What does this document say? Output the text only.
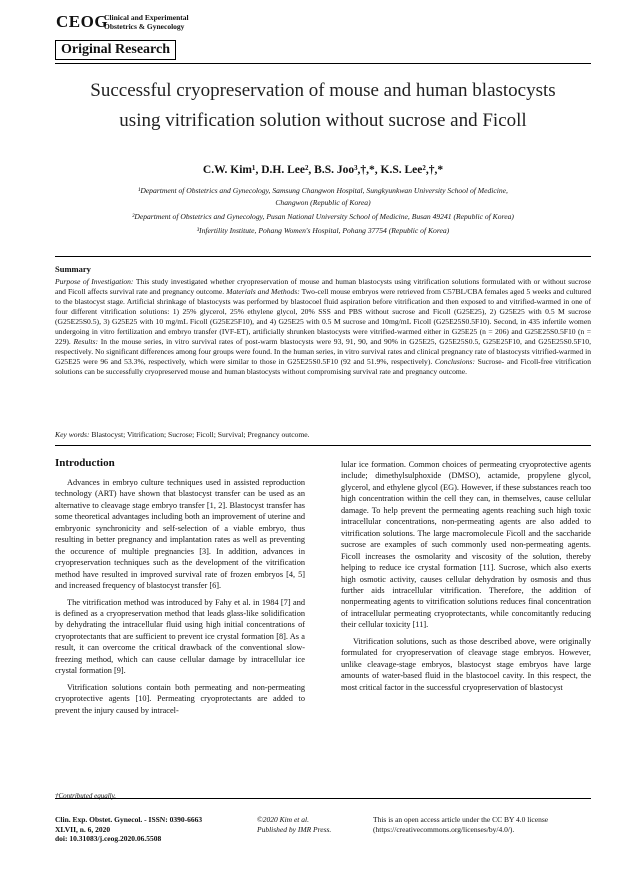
CEOG
Clinical and Experimental
Obstetrics & Gynecology
Original Research
Successful cryopreservation of mouse and human blastocysts
using vitrification solution without sucrose and Ficoll
C.W. Kim¹, D.H. Lee², B.S. Joo³,†,*, K.S. Lee²,†,*
¹Department of Obstetrics and Gynecology, Samsung Changwon Hospital, Sungkyunkwan University School of Medicine,
Changwon (Republic of Korea)
²Department of Obstetrics and Gynecology, Pusan National University School of Medicine, Busan 49241 (Republic of Korea)
³Infertility Institute, Pohang Women's Hospital, Pohang 37754 (Republic of Korea)
Summary
Purpose of Investigation: This study investigated whether cryopreservation of mouse and human blastocysts using vitrification solutions formulated with or without sucrose and Ficoll affects survival rate and pregnancy outcome. Materials and Methods: Two-cell mouse embryos were retrieved from C57BL/CBA females aged 5 weeks and cultured to the blastocyst stage. Artificial shrinkage of blastocysts was performed by blastocoel fluid aspiration before vitrification and then exposed to and vitrified-warmed in one of four different vitrification solutions: 1) 25% glycerol, 25% ethylene glycol, 20% SSS and PBS without sucrose and Ficoll (G25E25), 2) G25E25 with 0.5 M sucrose (G25E25S0.5), 3) G25E25 with 10 mg/mL Ficoll (G25E25F10), and 4) G25E25 with 0.5 M sucrose and 10mg/mL Ficoll (G25E25S0.5F10). Second, in 435 infertile women undergoing in vitro fertilization and embryo transfer (IVF-ET), artificially shrunken blastocysts were vitrified-warmed either in G25E25 (n = 206) and G25E25S0.5F10 (n = 229). Results: In the mouse series, in vitro survival rates of post-warm blastocysts were 93, 91, 90, and 90% in G25E25, G25E25S0.5, G25E25F10, and G25E25S0.5F10, respectively. No significant differences among four groups were found. In the human series, in vitro survival rates and clinical pregnancy rate of blastocysts vitrified-warmed in G25E25 were 96 and 53.3%, respectively, which were similar to those in G25E25S0.5F10 (92 and 51.9%, respectively). Conclusions: Sucrose- and Ficoll-free vitrification solutions can be successfully cryopreserved mouse and human blastocysts without compromising survival rate and pregnancy outcome.
Key words: Blastocyst; Vitrification; Sucrose; Ficoll; Survival; Pregnancy outcome.
Introduction

Advances in embryo culture techniques used in assisted reproduction technology (ART) have shown that blastocyst transfer can be used as an alternative to cleavage stage embryo transfer [1, 2]. Blastocyst transfer has some theoretical advantages including both an improvement of uterine and embryonic synchronicity and self-selection of a viable embryo, thus resulting in better pregnancy and implantation rates as well as preventing the occurence of multiple pregnancies [3]. In addition, advances in cryopreservation techniques such as the development of the vitrification method have resulted in improved survival rate of frozen embryos [4, 5] and increased frequency of blastocyst transfer [6].

The vitrification method was introduced by Fahy et al. in 1984 [7] and is defined as a cryopreservation method that leads glass-like solidification by dehydrating the intracellular fluid using high initial concentrations of cryoprotectants that are sufficient to prevent ice crystal formation [8]. As a result, it can overcome the critical drawback of the conventional slow-freezing method, which can cause cellular damage by intracellular ice crystal formation [9].

Vitrification solutions contain both permeating and non-permeating cryoprotective agents [10]. Permeating cryoprotectants are added to prevent the injury caused by intracel-

lular ice formation. Common choices of permeating cryoprotective agents include; dimethylsulphoxide (DMSO), actamide, propylene glycol, glycerol, and ethylene glycol (EG). However, if these substances reach too high concentration within the cell they can, in themselves, cause cellular damage. To help prevent the permeating agents reaching such high toxic intracellular concentrations, non-permeating agents are also added to vitrification solutions. The large macromolecule Ficoll and the saccharide sucrose are examples of such commonly used non-permeating agents. Ficoll increases the osmolarity and viscosity of the solution, thereby helping to reduce ice crystal formation [11]. Sucrose, which also exerts high osmotic activity, causes cellular dehydration by osmosis and thus further aids intracellular vitrification. Therefore, the addition of nonpermeating agents to vitrification solutions reduces final concentration of intracellular permeating cryoprotectants, while concomitantly reducing their cellular toxicity [11].

Vitrification solutions, such as those described above, were originally formulated for cryopreservation of cleavage stage embryos. However, unlike cleavage-stage embryos, blastocyst stage embryos have large amounts of water-based fluid in the blastocoel cavity. In this respect, the most critical factor in the successful cryopreservation of blastocyst

†Contributed equally.
Clin. Exp. Obstet. Gynecol. - ISSN: 0390-6663
XLVII, n. 6, 2020
doi: 10.31083/j.ceog.2020.06.5508
©2020 Kim et al.
Published by IMR Press.
This is an open access article under the CC BY 4.0 license
(https://creativecommons.org/licenses/by/4.0/).
